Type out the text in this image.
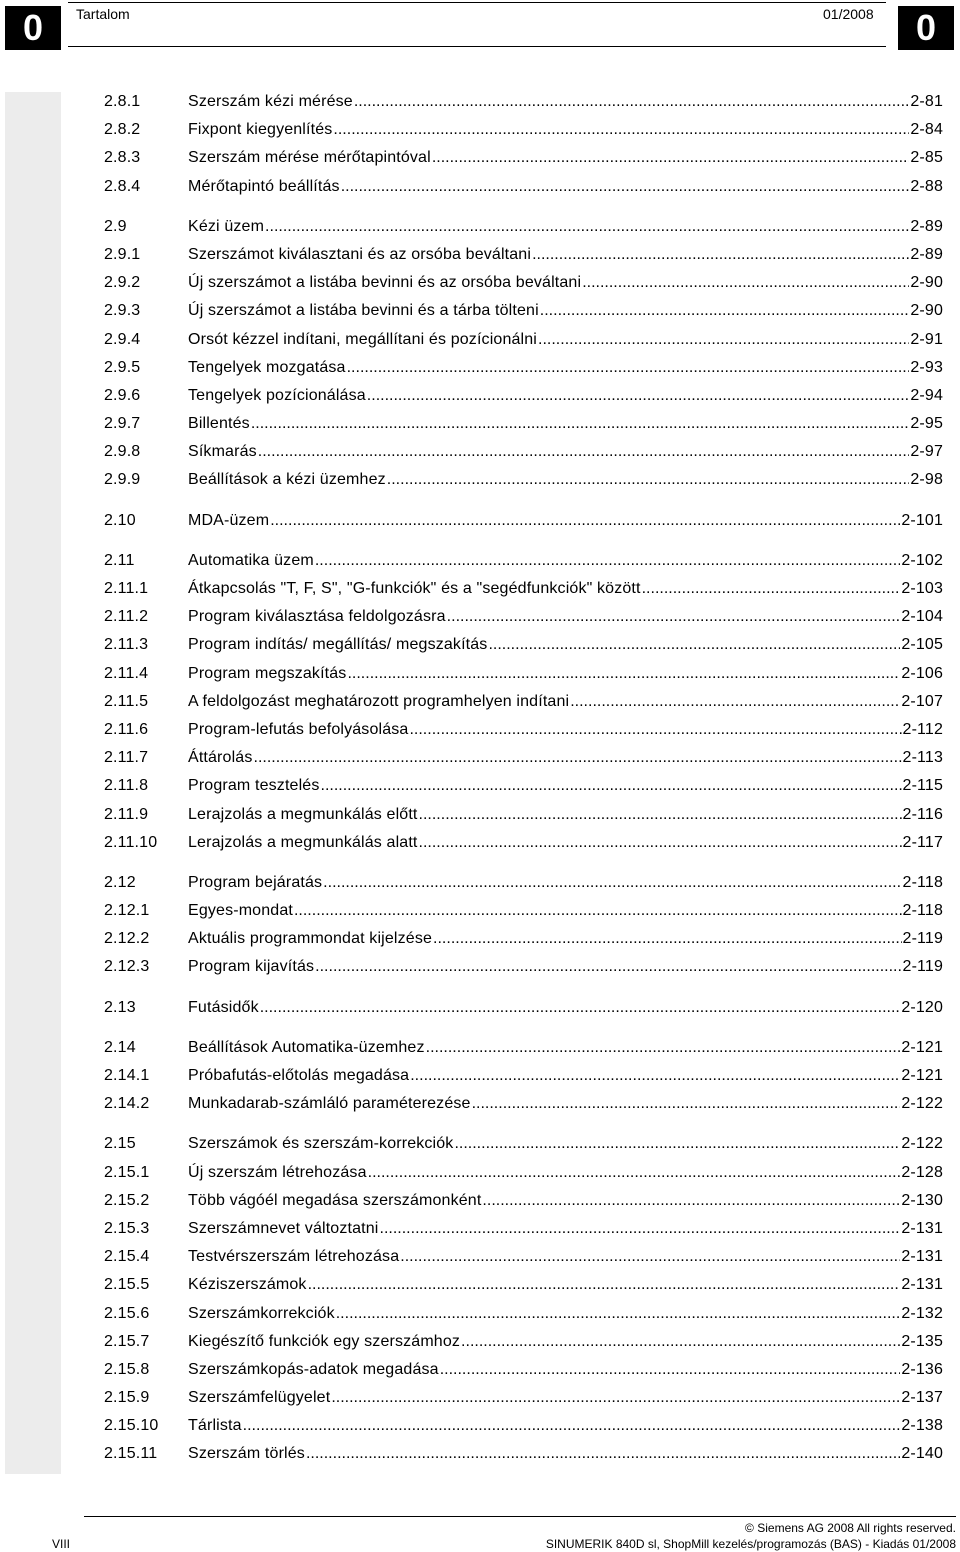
0	Tartalom	01/2008	0
2.8.1	Szerszám kézi mérése .....	2-81
2.8.2	Fixpont kiegyenlítés .....	2-84
2.8.3	Szerszám mérése mérőtapintóval .....	2-85
2.8.4	Mérőtapintó beállítás .....	2-88
2.9	Kézi üzem .....	2-89
2.9.1	Szerszámot kiválasztani és az orsóba beváltani .....	2-89
2.9.2	Új szerszámot a listába bevinni és az orsóba beváltani .....	2-90
2.9.3	Új szerszámot a listába bevinni és a tárba tölteni .....	2-90
2.9.4	Orsót kézzel indítani, megállítani és pozícionálni .....	2-91
2.9.5	Tengelyek mozgatása .....	2-93
2.9.6	Tengelyek pozícionálása .....	2-94
2.9.7	Billentés .....	2-95
2.9.8	Síkmarás .....	2-97
2.9.9	Beállítások a kézi üzemhez .....	2-98
2.10	MDA-üzem .....	2-101
2.11	Automatika üzem .....	2-102
2.11.1	Átkapcsolás "T, F, S", "G-funkciók" és a "segédfunkciók" között .....	2-103
2.11.2	Program kiválasztása feldolgozásra .....	2-104
2.11.3	Program indítás/ megállítás/ megszakítás .....	2-105
2.11.4	Program megszakítás .....	2-106
2.11.5	A feldolgozást meghatározott programhelyen indítani .....	2-107
2.11.6	Program-lefutás befolyásolása .....	2-112
2.11.7	Áttárolás .....	2-113
2.11.8	Program tesztelés .....	2-115
2.11.9	Lerajzolás a megmunkálás előtt .....	2-116
2.11.10	Lerajzolás a megmunkálás alatt .....	2-117
2.12	Program bejáratás .....	2-118
2.12.1	Egyes-mondat .....	2-118
2.12.2	Aktuális programmondat kijelzése .....	2-119
2.12.3	Program kijavítás .....	2-119
2.13	Futásidők .....	2-120
2.14	Beállítások Automatika-üzemhez .....	2-121
2.14.1	Próbafutás-előtolás megadása .....	2-121
2.14.2	Munkadarab-számláló paraméterezése .....	2-122
2.15	Szerszámok és szerszám-korrekciók .....	2-122
2.15.1	Új szerszám létrehozása .....	2-128
2.15.2	Több vágóél megadása szerszámonként .....	2-130
2.15.3	Szerszámnevet változtatni .....	2-131
2.15.4	Testvérszerszám létrehozása .....	2-131
2.15.5	Kéziszerszámok .....	2-131
2.15.6	Szerszámkorrekciók .....	2-132
2.15.7	Kiegészítő funkciók egy szerszámhoz .....	2-135
2.15.8	Szerszámkopás-adatok megadása .....	2-136
2.15.9	Szerszámfelügyelet .....	2-137
2.15.10	Tárlista .....	2-138
2.15.11	Szerszám törlés .....	2-140
VIII
© Siemens AG 2008 All rights reserved.
SINUMERIK 840D sl, ShopMill kezelés/programozás (BAS) - Kiadás 01/2008
